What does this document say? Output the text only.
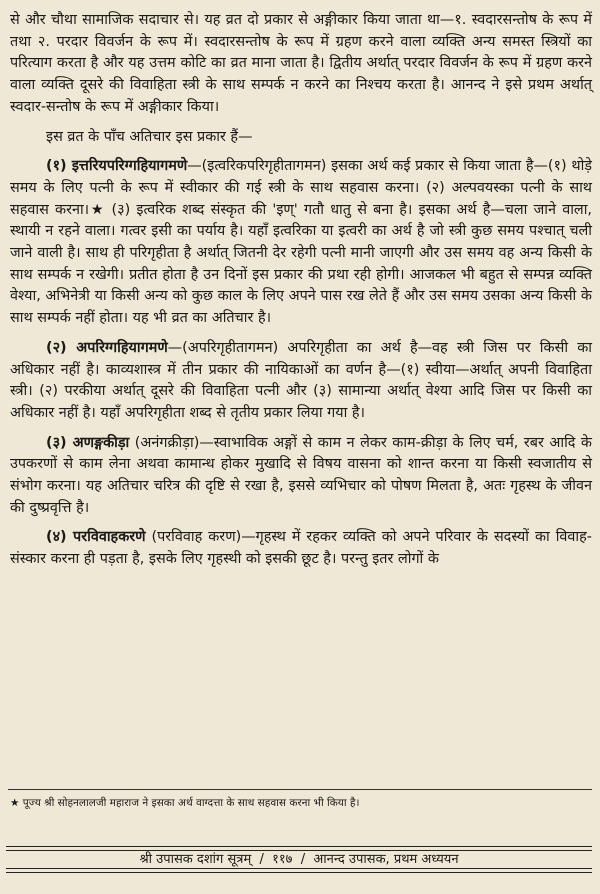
से और चौथा सामाजिक सदाचार से। यह व्रत दो प्रकार से अङ्गीकार किया जाता था—१. स्वदारसन्तोष के रूप में तथा २. परदार विवर्जन के रूप में। स्वदारसन्तोष के रूप में ग्रहण करने वाला व्यक्ति अन्य समस्त स्त्रियों का परित्याग करता है और यह उत्तम कोटि का व्रत माना जाता है। द्वितीय अर्थात् परदार विवर्जन के रूप में ग्रहण करने वाला व्यक्ति दूसरे की विवाहिता स्त्री के साथ सम्पर्क न करने का निश्चय करता है। आनन्द ने इसे प्रथम अर्थात् स्वदार-सन्तोष के रूप में अङ्गीकार किया।

इस व्रत के पाँच अतिचार इस प्रकार हैं—

(१) इत्तरियपरिग्गहियागमणे—(इत्वरिकपरिगृहीतागमन) इसका अर्थ कई प्रकार से किया जाता है—(१) थोड़े समय के लिए पत्नी के रूप में स्वीकार की गई स्त्री के साथ सहवास करना। (२) अल्पवयस्का पत्नी के साथ सहवास करना।★ (३) इत्वरिक शब्द संस्कृत की 'इण्' गतौ धातु से बना है। इसका अर्थ है—चला जाने वाला, स्थायी न रहने वाला। गत्वर इसी का पर्याय है। यहाँ इत्वरिका या इत्वरी का अर्थ है जो स्त्री कुछ समय पश्चात् चली जाने वाली है। साथ ही परिगृहीता है अर्थात् जितनी देर रहेगी पत्नी मानी जाएगी और उस समय वह अन्य किसी के साथ सम्पर्क न रखेगी। प्रतीत होता है उन दिनों इस प्रकार की प्रथा रही होगी। आजकल भी बहुत से सम्पन्न व्यक्ति वेश्या, अभिनेत्री या किसी अन्य को कुछ काल के लिए अपने पास रख लेते हैं और उस समय उसका अन्य किसी के साथ सम्पर्क नहीं होता। यह भी व्रत का अतिचार है।

(२) अपरिग्गहियागमणे—(अपरिगृहीतागमन) अपरिगृहीता का अर्थ है—वह स्त्री जिस पर किसी का अधिकार नहीं है। काव्यशास्त्र में तीन प्रकार की नायिकाओं का वर्णन है—(१) स्वीया—अर्थात् अपनी विवाहिता स्त्री। (२) परकीया अर्थात् दूसरे की विवाहिता पत्नी और (३) सामान्या अर्थात् वेश्या आदि जिस पर किसी का अधिकार नहीं है। यहाँ अपरिगृहीता शब्द से तृतीय प्रकार लिया गया है।

(३) अणङ्गकीड़ा (अनंगक्रीड़ा)—स्वाभाविक अङ्गों से काम न लेकर काम-क्रीड़ा के लिए चर्म, रबर आदि के उपकरणों से काम लेना अथवा कामान्ध होकर मुखादि से विषय वासना को शान्त करना या किसी स्वजातीय से संभोग करना। यह अतिचार चरित्र की दृष्टि से रखा है, इससे व्यभिचार को पोषण मिलता है, अतः गृहस्थ के जीवन की दुष्प्रवृत्ति है।

(४) परविवाहकरणे (परविवाह करण)—गृहस्थ में रहकर व्यक्ति को अपने परिवार के सदस्यों का विवाह-संस्कार करना ही पड़ता है, इसके लिए गृहस्थी को इसकी छूट है। परन्तु इतर लोगों के

★ पूज्य श्री सोहनलालजी महाराज ने इसका अर्थ वाग्दत्ता के साथ सहवास करना भी किया है।
श्री उपासक दशांग सूत्रम् / ११७ / आनन्द उपासक, प्रथम अध्ययन
